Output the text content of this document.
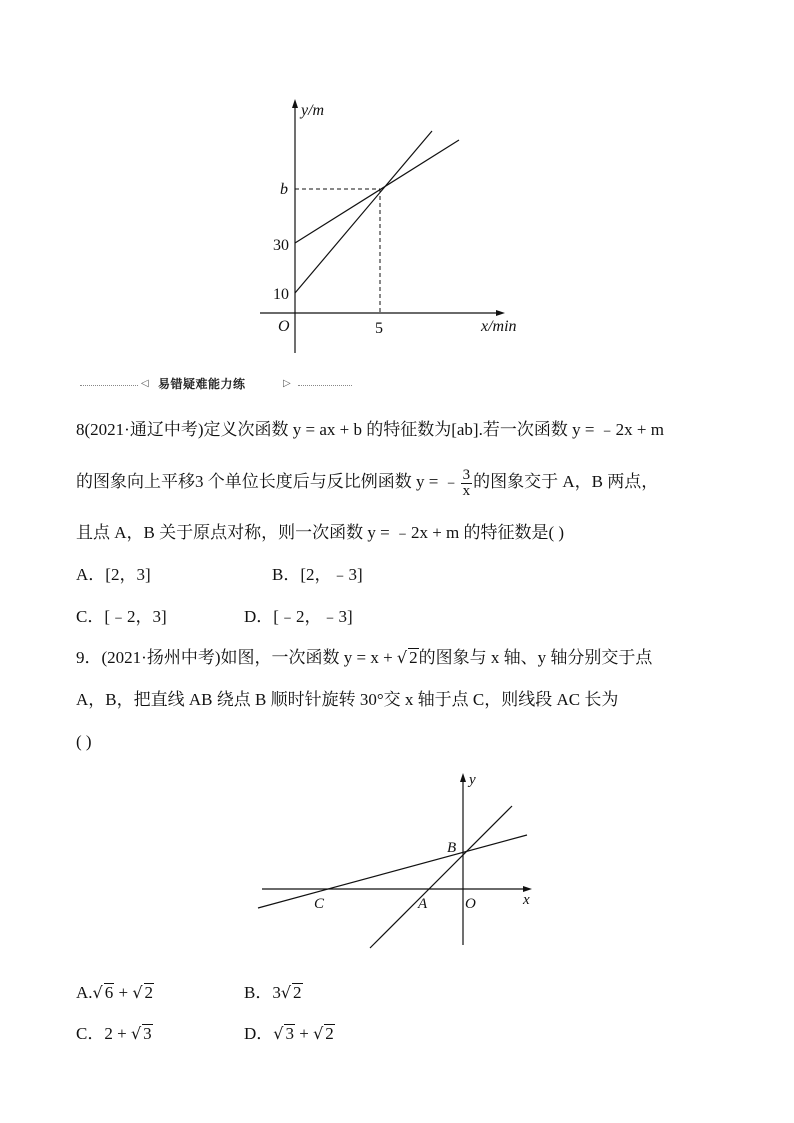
y/m
x/min
O
b
30
10
5
◁ 易错疑难能力练	▷
8(2021·通辽中考)定义次函数 y = ax + b 的特征数为[ab].若一次函数 y = ﹣2x + m
的图象向上平移3 个单位长度后与反比例函数 y = ﹣ $\frac{3}{x}$ 的图象交于 A，B 两点，
且点 A，B 关于原点对称，则一次函数 y = ﹣2x + m 的特征数是( )
A．[2，3]	B．[2，﹣3]
C．[﹣2，3]	D．[﹣2，﹣3]
9．(2021·扬州中考)如图，一次函数 y = x + √ 2的图象与 x 轴、y 轴分别交于点
A，B，把直线 AB 绕点 B 顺时针旋转 30°交 x 轴于点 C，则线段 AC 长为
( )
y
x
B
C	A	O
A.√ 6 + √ 2	B．3√ 2
C．2 + √ 3	D．√ 3 + √ 2
